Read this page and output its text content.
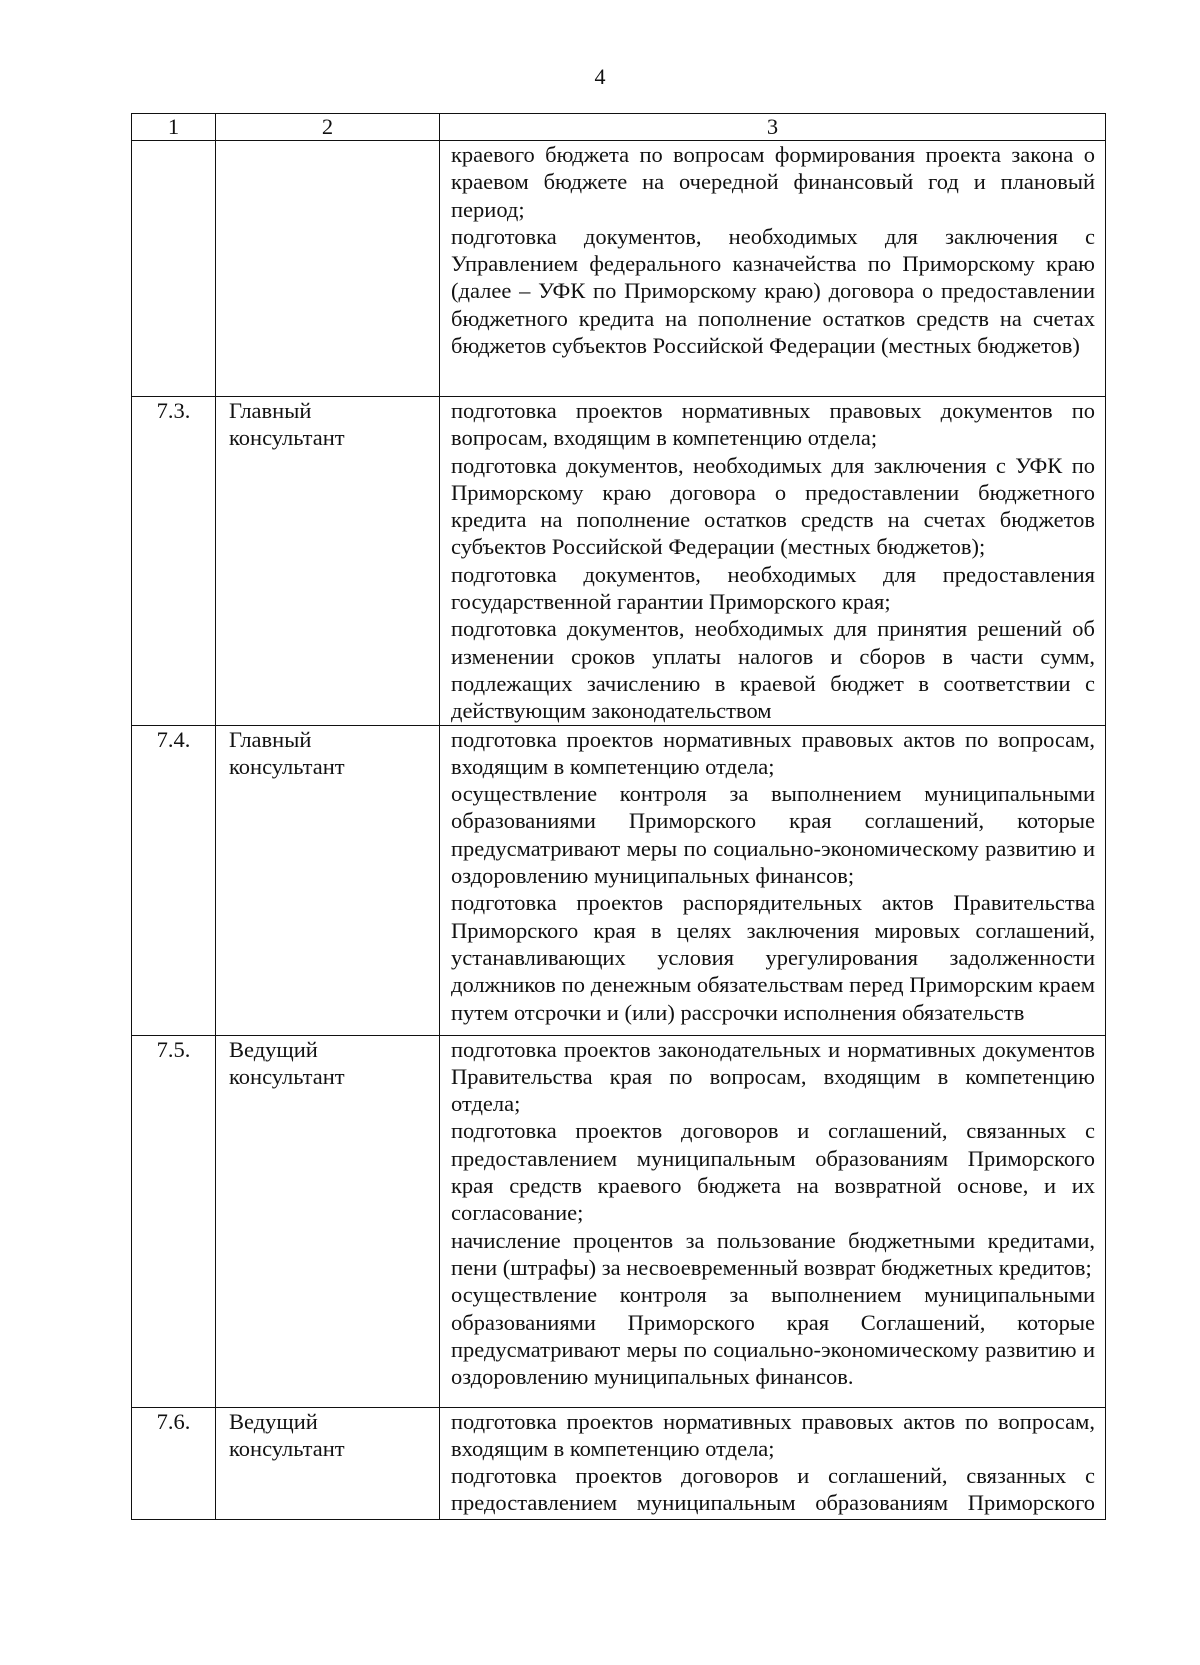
4
1	2	3

		краевого бюджета по вопросам формирования проекта закона о краевом бюджете на очередной финансовый год и плановый период;
подготовка документов, необходимых для заключения с Управлением федерального казначейства по Приморскому краю (далее – УФК по Приморскому краю) договора о предоставлении бюджетного кредита на пополнение остатков средств на счетах бюджетов субъектов Российской Федерации (местных бюджетов)

7.3.	Главный консультант	подготовка проектов нормативных правовых документов по вопросам, входящим в компетенцию отдела;
подготовка документов, необходимых для заключения с УФК по Приморскому краю договора о предоставлении бюджетного кредита на пополнение остатков средств на счетах бюджетов субъектов Российской Федерации (местных бюджетов);
подготовка документов, необходимых для предоставления государственной гарантии Приморского края;
подготовка документов, необходимых для принятия решений об изменении сроков уплаты налогов и сборов в части сумм, подлежащих зачислению в краевой бюджет в соответствии с действующим законодательством

7.4.	Главный консультант	подготовка проектов нормативных правовых актов по вопросам, входящим в компетенцию отдела;
осуществление контроля за выполнением муниципальными образованиями Приморского края соглашений, которые предусматривают меры по социально-экономическому развитию и оздоровлению муниципальных финансов;
подготовка проектов распорядительных актов Правительства Приморского края в целях заключения мировых соглашений, устанавливающих условия урегулирования задолженности должников по денежным обязательствам перед Приморским краем путем отсрочки и (или) рассрочки исполнения обязательств

7.5.	Ведущий консультант	подготовка проектов законодательных и нормативных документов Правительства края по вопросам, входящим в компетенцию отдела;
подготовка проектов договоров и соглашений, связанных с предоставлением муниципальным образованиям Приморского края средств краевого бюджета на возвратной основе, и их согласование;
начисление процентов за пользование бюджетными кредитами, пени (штрафы) за несвоевременный возврат бюджетных кредитов;
осуществление контроля за выполнением муниципальными образованиями Приморского края Соглашений, которые предусматривают меры по социально-экономическому развитию и оздоровлению муниципальных финансов.

7.6.	Ведущий консультант	подготовка проектов нормативных правовых актов по вопросам, входящим в компетенцию отдела;
подготовка проектов договоров и соглашений, связанных с предоставлением муниципальным образованиям Приморского
